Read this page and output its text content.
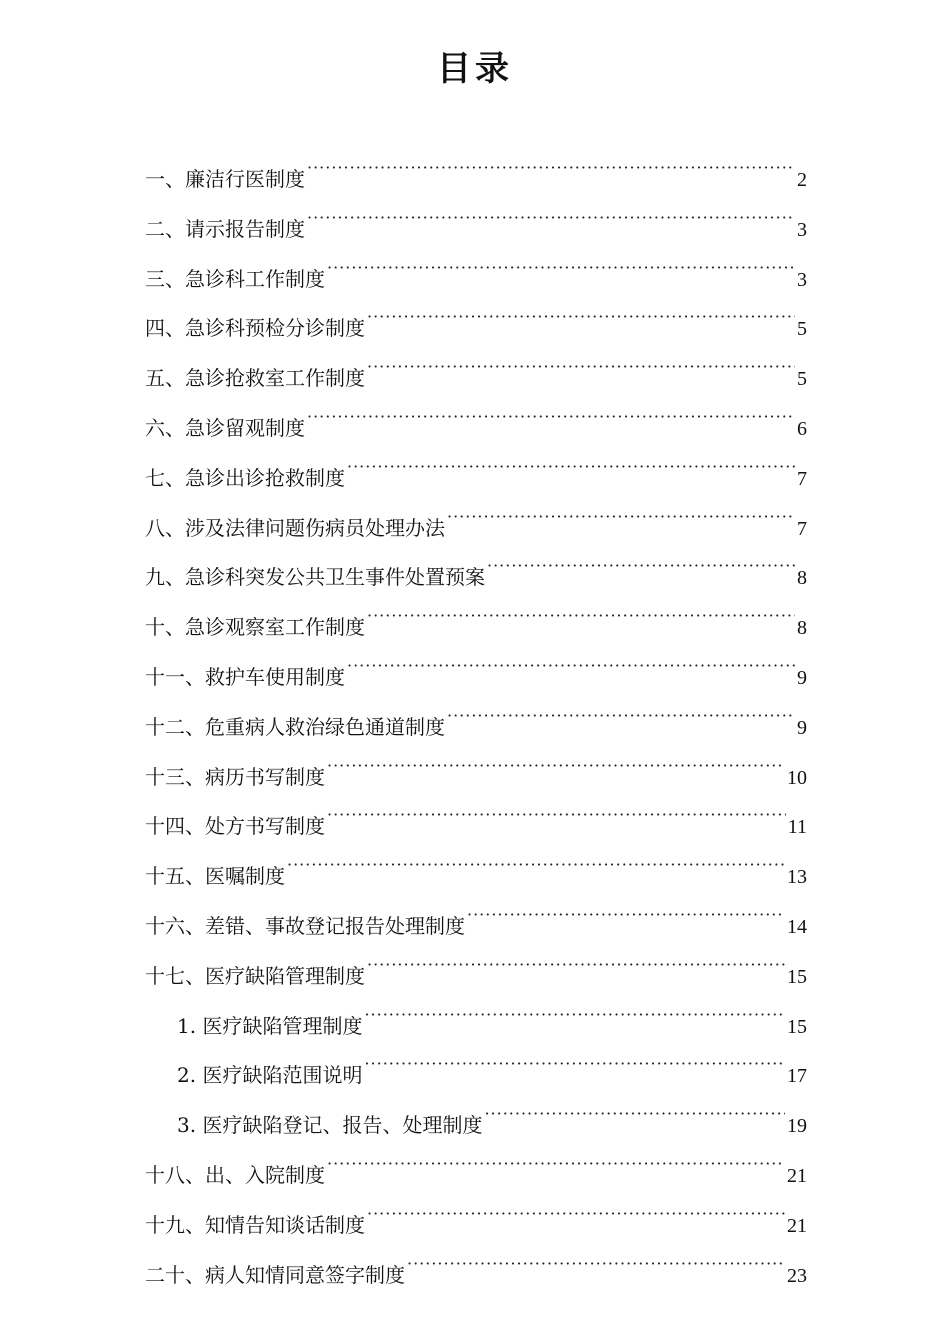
目录
一、廉洁行医制度 ·····	2
二、请示报告制度 ·····	3
三、急诊科工作制度 ·····	3
四、急诊科预检分诊制度 ·····	5
五、急诊抢救室工作制度 ·····	5
六、急诊留观制度 ·····	6
七、急诊出诊抢救制度 ·····	7
八、涉及法律问题伤病员处理办法 ·····	7
九、急诊科突发公共卫生事件处置预案 ·····	8
十、急诊观察室工作制度 ·····	8
十一、救护车使用制度 ·····	9
十二、危重病人救治绿色通道制度 ·····	9
十三、病历书写制度 ·····	10
十四、处方书写制度 ·····	11
十五、医嘱制度 ·····	13
十六、差错、事故登记报告处理制度 ·····	14
十七、医疗缺陷管理制度 ·····	15
1. 医疗缺陷管理制度 ·····	15
2. 医疗缺陷范围说明 ·····	17
3. 医疗缺陷登记、报告、处理制度 ·····	19
十八、出、入院制度 ·····	21
十九、知情告知谈话制度 ·····	21
二十、病人知情同意签字制度 ·····	23
